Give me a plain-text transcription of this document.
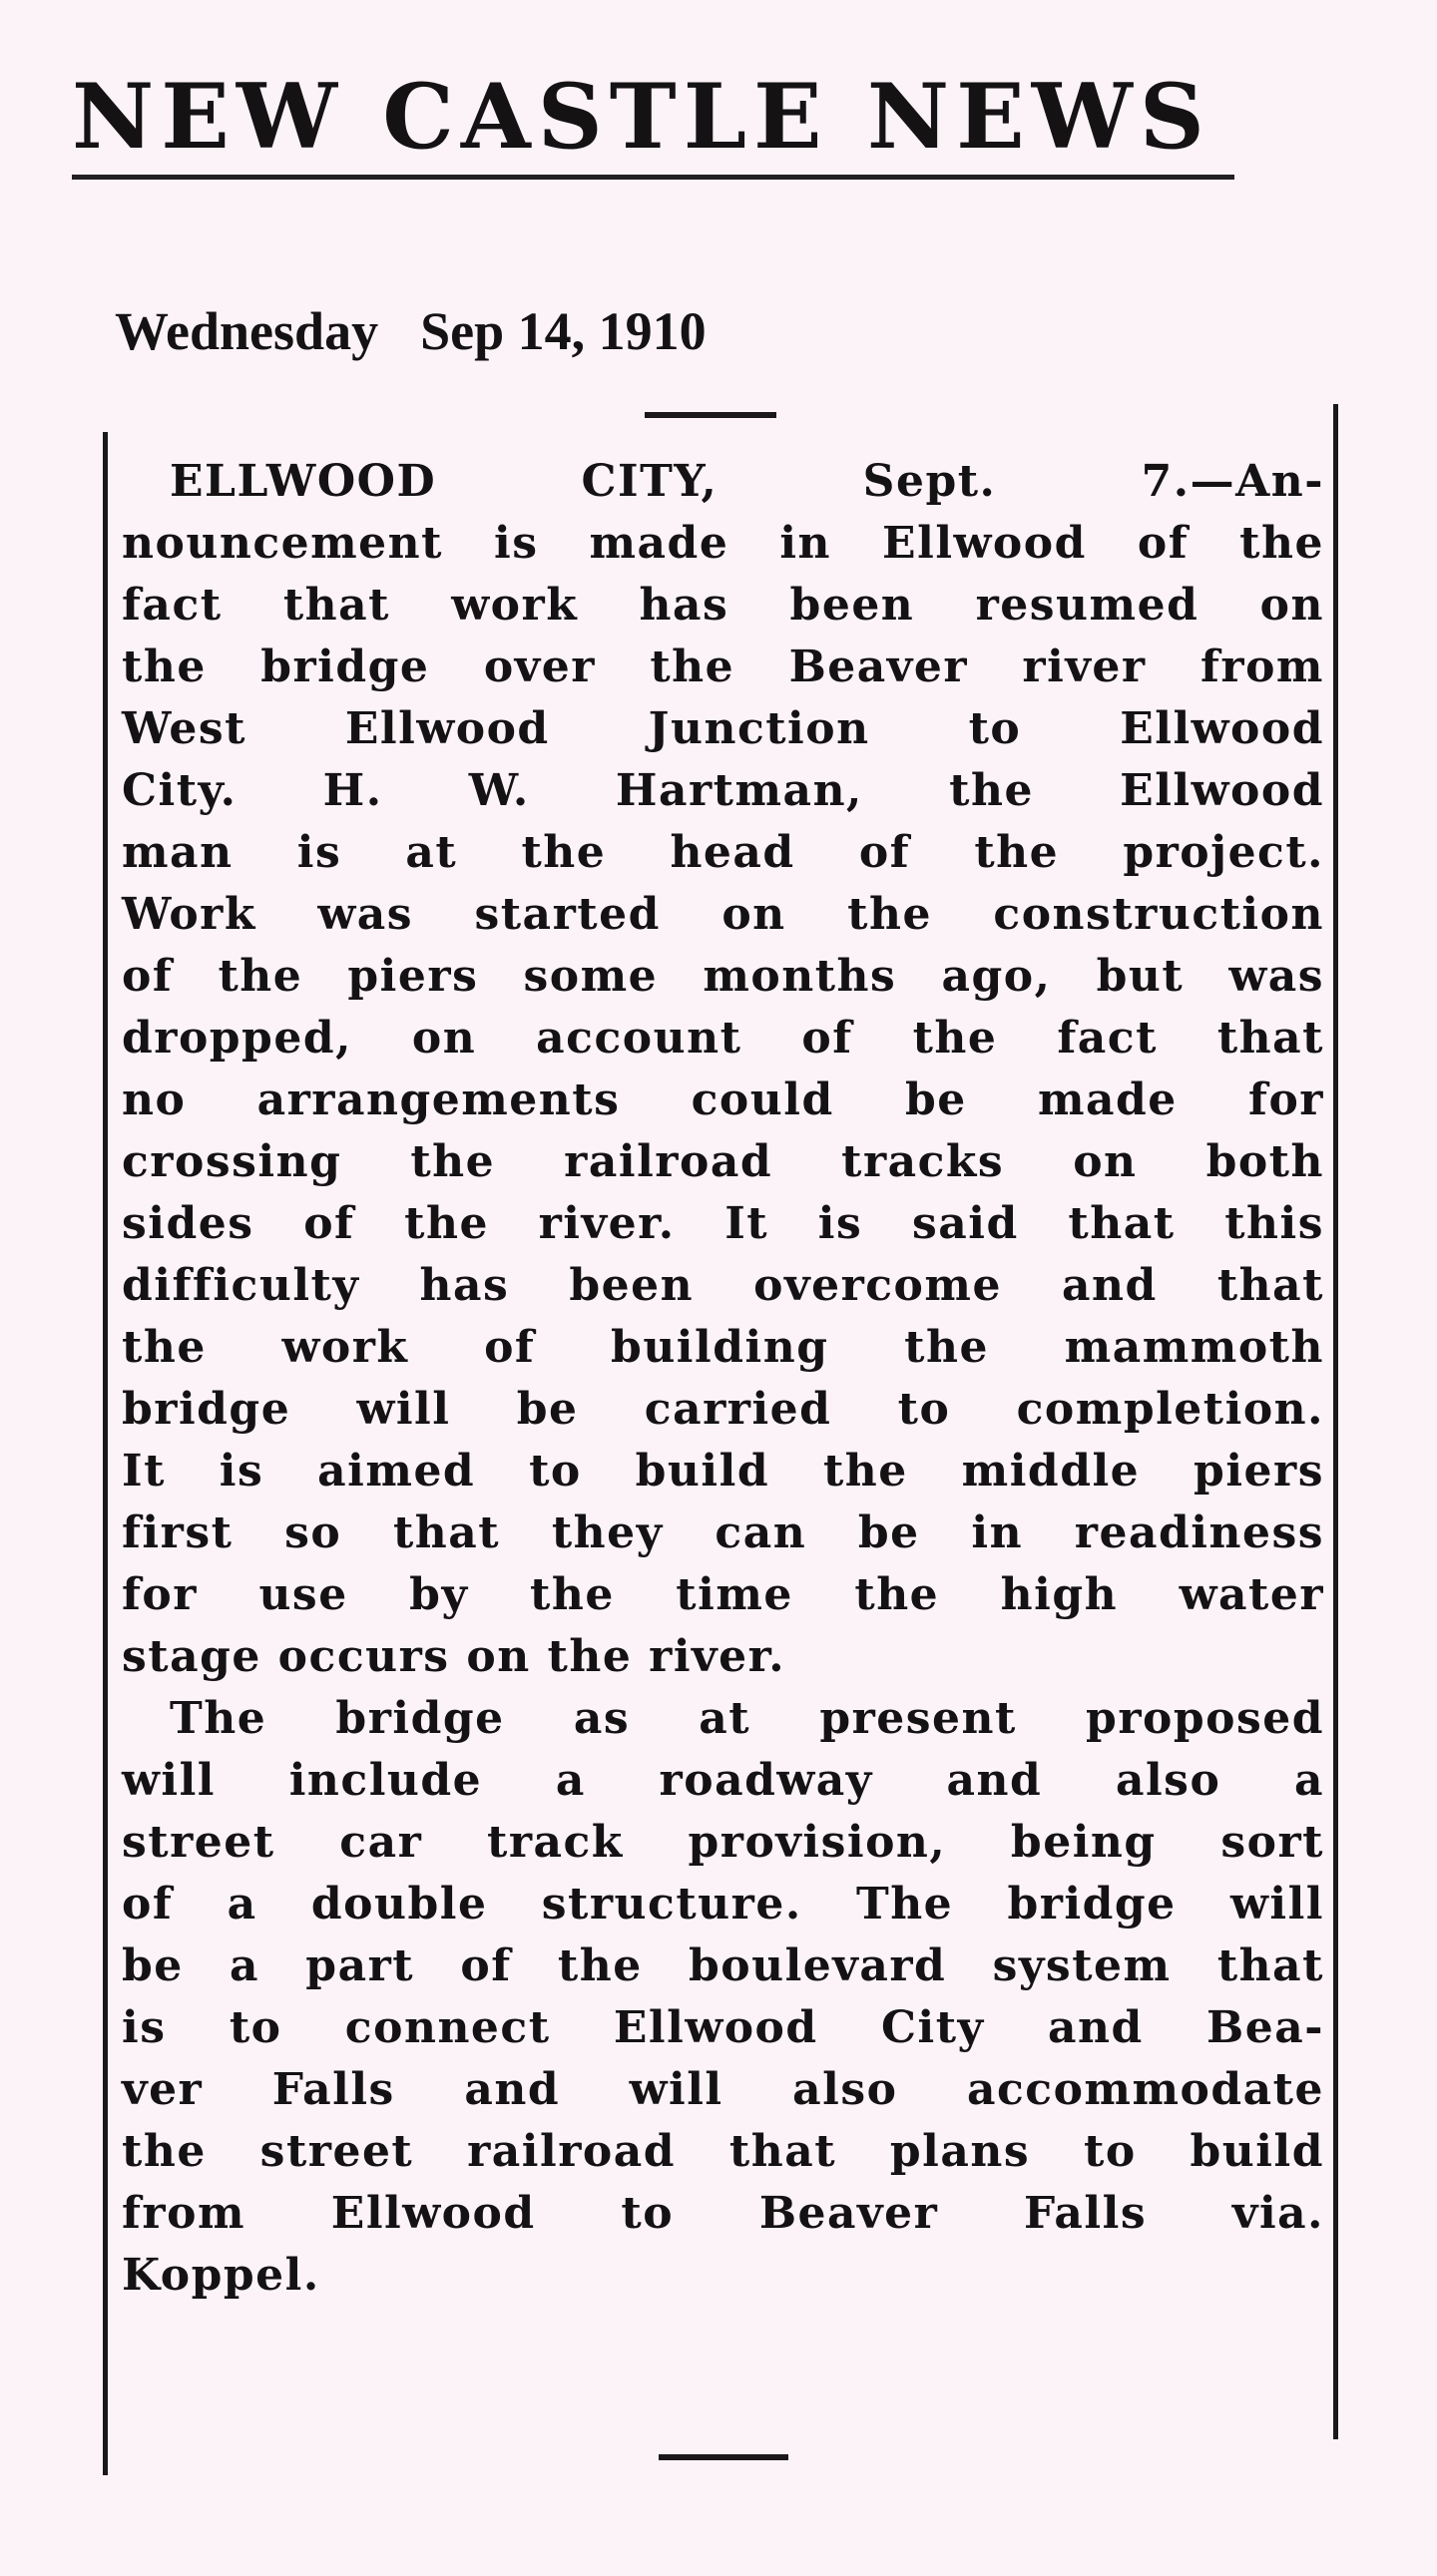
NEW CASTLE NEWS
Wednesday Sep 14, 1910
ELLWOOD CITY, Sept. 7.—An-
nouncement is made in Ellwood of the
fact that work has been resumed on
the bridge over the Beaver river from
West Ellwood Junction to Ellwood
City. H. W. Hartman, the Ellwood
man is at the head of the project.
Work was started on the construction
of the piers some months ago, but was
dropped, on account of the fact that
no arrangements could be made for
crossing the railroad tracks on both
sides of the river. It is said that this
difficulty has been overcome and that
the work of building the mammoth
bridge will be carried to completion.
It is aimed to build the middle piers
first so that they can be in readiness
for use by the time the high water
stage occurs on the river.
The bridge as at present proposed
will include a roadway and also a
street car track provision, being sort
of a double structure. The bridge will
be a part of the boulevard system that
is to connect Ellwood City and Bea-
ver Falls and will also accommodate
the street railroad that plans to build
from Ellwood to Beaver Falls via.
Koppel.
